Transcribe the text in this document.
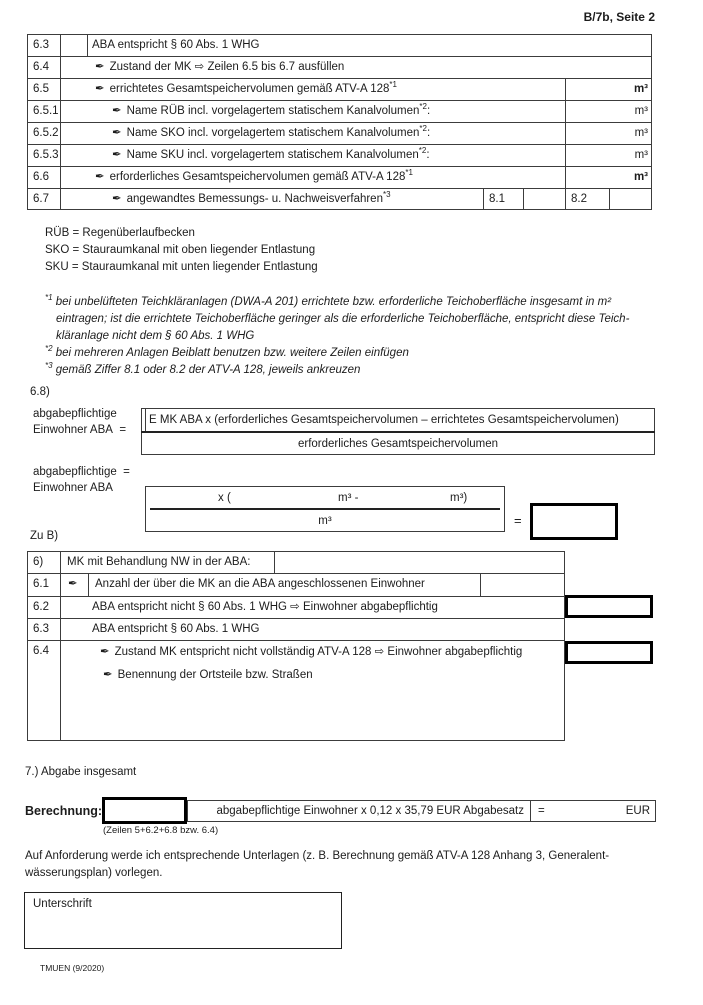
B/7b, Seite 2
6.3	ABA entspricht § 60 Abs. 1 WHG
6.4	✒ Zustand der MK ⇨ Zeilen 6.5 bis 6.7 ausfüllen
6.5	✒ errichtetes Gesamtspeichervolumen gemäß ATV-A 128$^{*1}$	m³
6.5.1	✒ Name RÜB incl. vorgelagertem statischem Kanalvolumen$^{*2}$:	m³
6.5.2	✒ Name SKO incl. vorgelagertem statischem Kanalvolumen$^{*2}$:	m³
6.5.3	✒ Name SKU incl. vorgelagertem statischem Kanalvolumen$^{*2}$:	m³
6.6	✒ erforderliches Gesamtspeichervolumen gemäß ATV-A 128$^{*1}$	m³
6.7	✒ angewandtes Bemessungs- u. Nachweisverfahren$^{*3}$	8.1	8.2
RÜB = Regenüberlaufbecken
SKO = Stauraumkanal mit oben liegender Entlastung
SKU = Stauraumkanal mit unten liegender Entlastung
$^{*1}$ bei unbelüfteten Teichkläranlagen (DWA-A 201) errichtete bzw. erforderliche Teichoberfläche insgesamt in m²
eintragen; ist die errichtete Teichoberfläche geringer als die erforderliche Teichoberfläche, entspricht diese Teich-
kläranlage nicht dem § 60 Abs. 1 WHG
$^{*2}$ bei mehreren Anlagen Beiblatt benutzen bzw. weitere Zeilen einfügen
$^{*3}$ gemäß Ziffer 8.1 oder 8.2 der ATV-A 128, jeweils ankreuzen
6.8)
abgabepflichtige
Einwohner ABA =
E MK ABA x (erforderliches Gesamtspeichervolumen – errichtetes Gesamtspeichervolumen)
erforderliches Gesamtspeichervolumen
abgabepflichtige =
Einwohner ABA
x (	m³ -	m³)
m³	=
Zu B)
6) MK mit Behandlung NW in der ABA:
6.1 ✒	Anzahl der über die MK an die ABA angeschlossenen Einwohner
6.2	ABA entspricht nicht § 60 Abs. 1 WHG ⇨ Einwohner abgabepflichtig
6.3	ABA entspricht § 60 Abs. 1 WHG
6.4	✒ Zustand MK entspricht nicht vollständig ATV-A 128 ⇨ Einwohner abgabepflichtig
✒ Benennung der Ortsteile bzw. Straßen
7.) Abgabe insgesamt
Berechnung:	abgabepflichtige Einwohner x 0,12 x 35,79 EUR Abgabesatz =	EUR
(Zeilen 5+6.2+6.8 bzw. 6.4)
Auf Anforderung werde ich entsprechende Unterlagen (z. B. Berechnung gemäß ATV-A 128 Anhang 3, Generalent-
wässerungsplan) vorlegen.
Unterschrift
TMUEN (9/2020)
